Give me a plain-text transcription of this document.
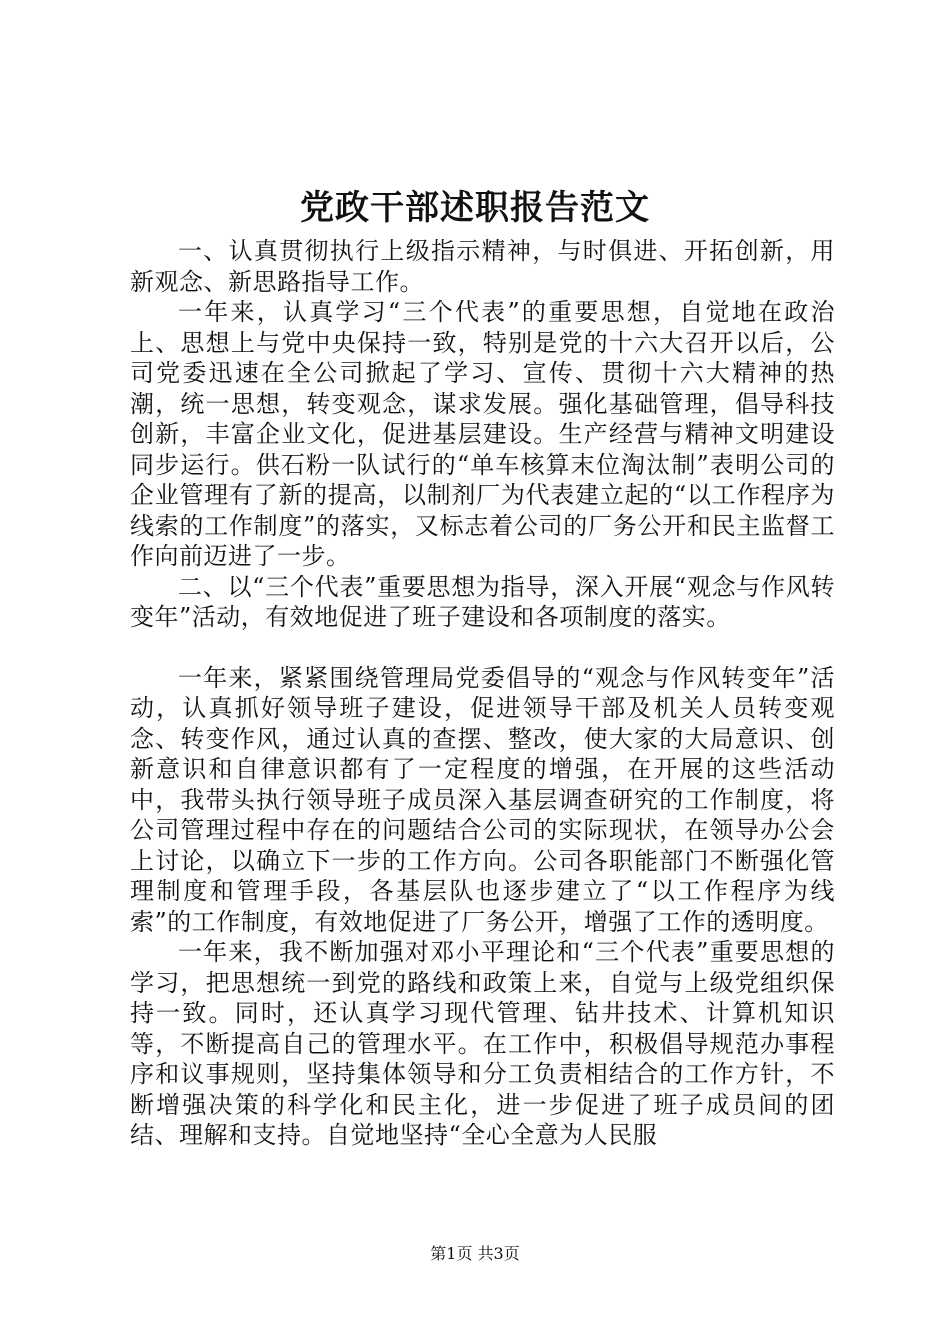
党政干部述职报告范文

一、认真贯彻执行上级指示精神，与时俱进、开拓创新，用新观念、新思路指导工作。

一年来，认真学习“三个代表”的重要思想，自觉地在政治上、思想上与党中央保持一致，特别是党的十六大召开以后，公司党委迅速在全公司掀起了学习、宣传、贯彻十六大精神的热潮，统一思想，转变观念，谋求发展。强化基础管理，倡导科技创新，丰富企业文化，促进基层建设。生产经营与精神文明建设同步运行。供石粉一队试行的“单车核算末位淘汰制”表明公司的企业管理有了新的提高，以制剂厂为代表建立起的“以工作程序为线索的工作制度”的落实，又标志着公司的厂务公开和民主监督工作向前迈进了一步。

二、以“三个代表”重要思想为指导，深入开展“观念与作风转变年”活动，有效地促进了班子建设和各项制度的落实。

一年来，紧紧围绕管理局党委倡导的“观念与作风转变年”活动，认真抓好领导班子建设，促进领导干部及机关人员转变观念、转变作风，通过认真的查摆、整改，使大家的大局意识、创新意识和自律意识都有了一定程度的增强，在开展的这些活动中，我带头执行领导班子成员深入基层调查研究的工作制度，将公司管理过程中存在的问题结合公司的实际现状，在领导办公会上讨论，以确立下一步的工作方向。公司各职能部门不断强化管理制度和管理手段，各基层队也逐步建立了“以工作程序为线索”的工作制度，有效地促进了厂务公开，增强了工作的透明度。

一年来，我不断加强对邓小平理论和“三个代表”重要思想的学习，把思想统一到党的路线和政策上来，自觉与上级党组织保持一致。同时，还认真学习现代管理、钻井技术、计算机知识等，不断提高自己的管理水平。在工作中，积极倡导规范办事程序和议事规则，坚持集体领导和分工负责相结合的工作方针，不断增强决策的科学化和民主化，进一步促进了班子成员间的团结、理解和支持。自觉地坚持“全心全意为人民服

第1页 共3页
